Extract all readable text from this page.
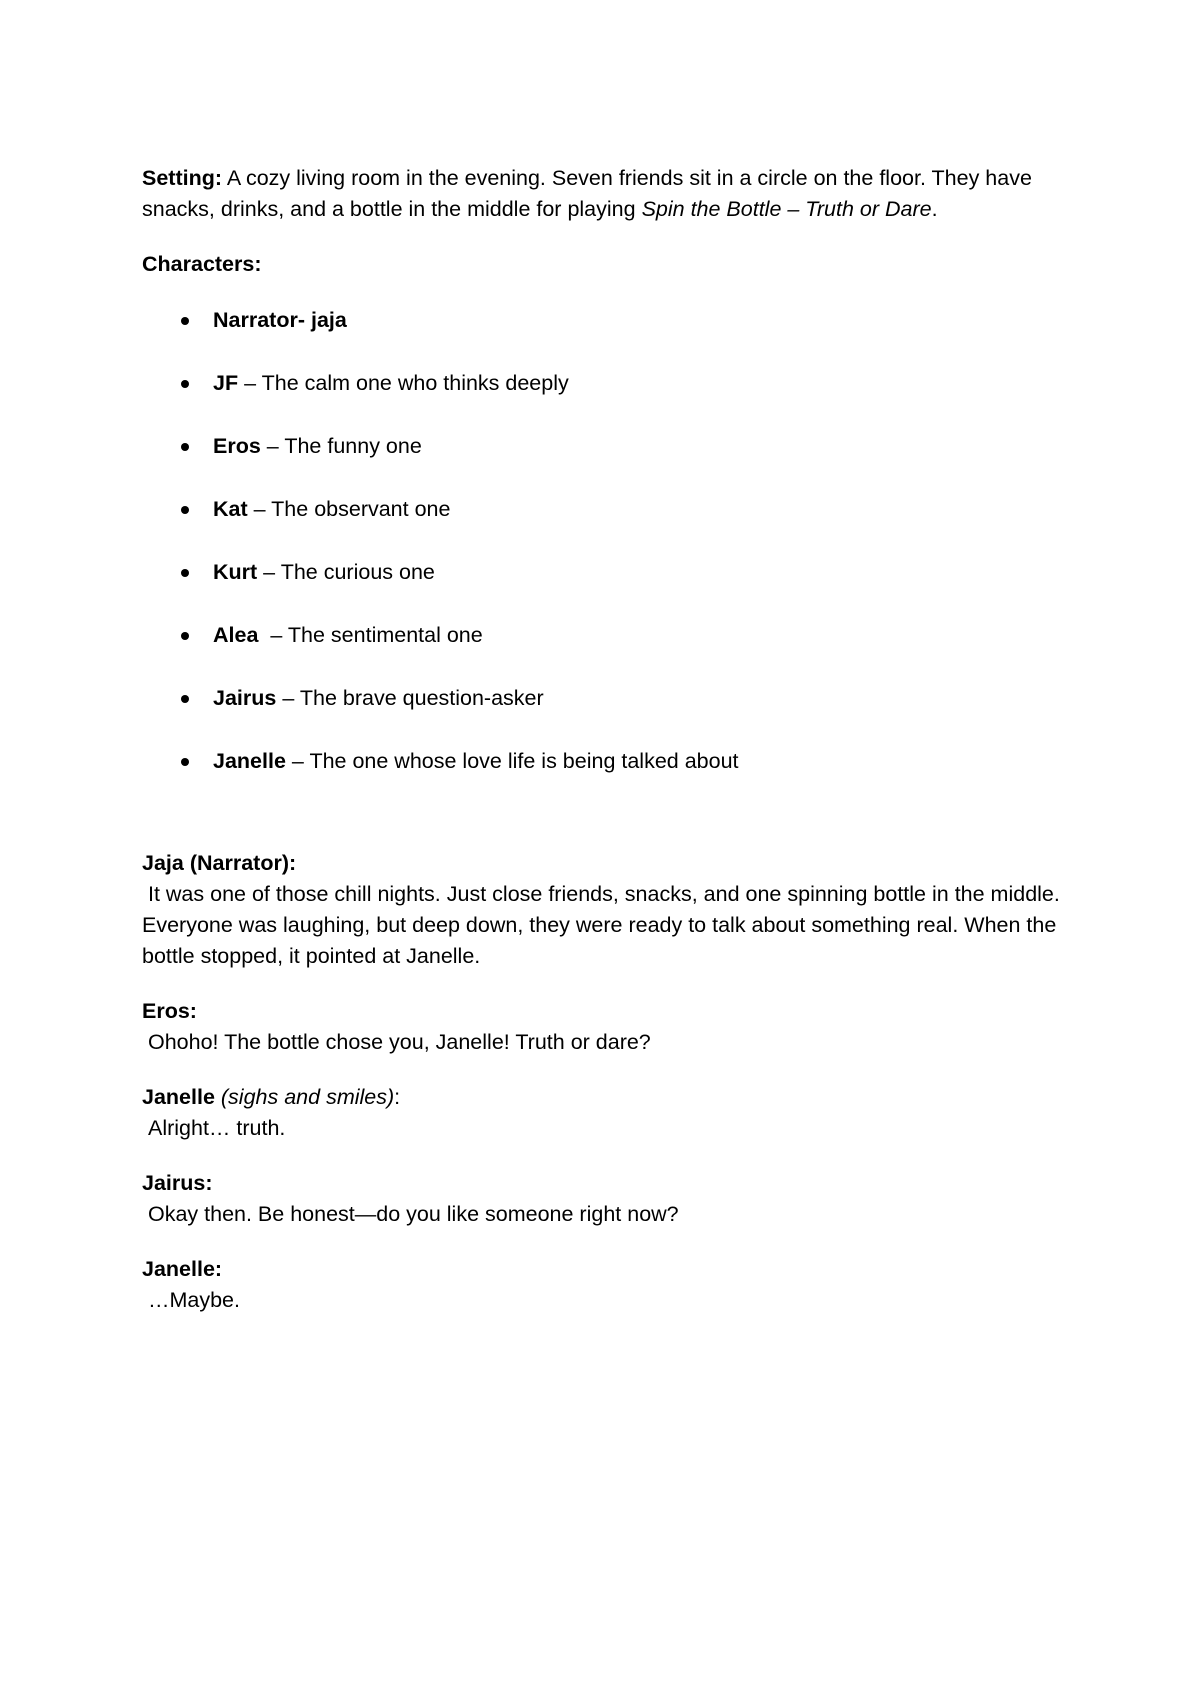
Setting: A cozy living room in the evening. Seven friends sit in a circle on the floor. They have snacks, drinks, and a bottle in the middle for playing Spin the Bottle – Truth or Dare.

Characters:

Narrator- jaja
JF – The calm one who thinks deeply
Eros – The funny one
Kat – The observant one
Kurt – The curious one
Alea  – The sentimental one
Jairus – The brave question-asker
Janelle – The one whose love life is being talked about
Jaja (Narrator):
It was one of those chill nights. Just close friends, snacks, and one spinning bottle in the middle. Everyone was laughing, but deep down, they were ready to talk about something real. When the bottle stopped, it pointed at Janelle.
Eros:
Ohoho! The bottle chose you, Janelle! Truth or dare?
Janelle (sighs and smiles):
Alright… truth.
Jairus:
Okay then. Be honest—do you like someone right now?
Janelle:
…Maybe.
